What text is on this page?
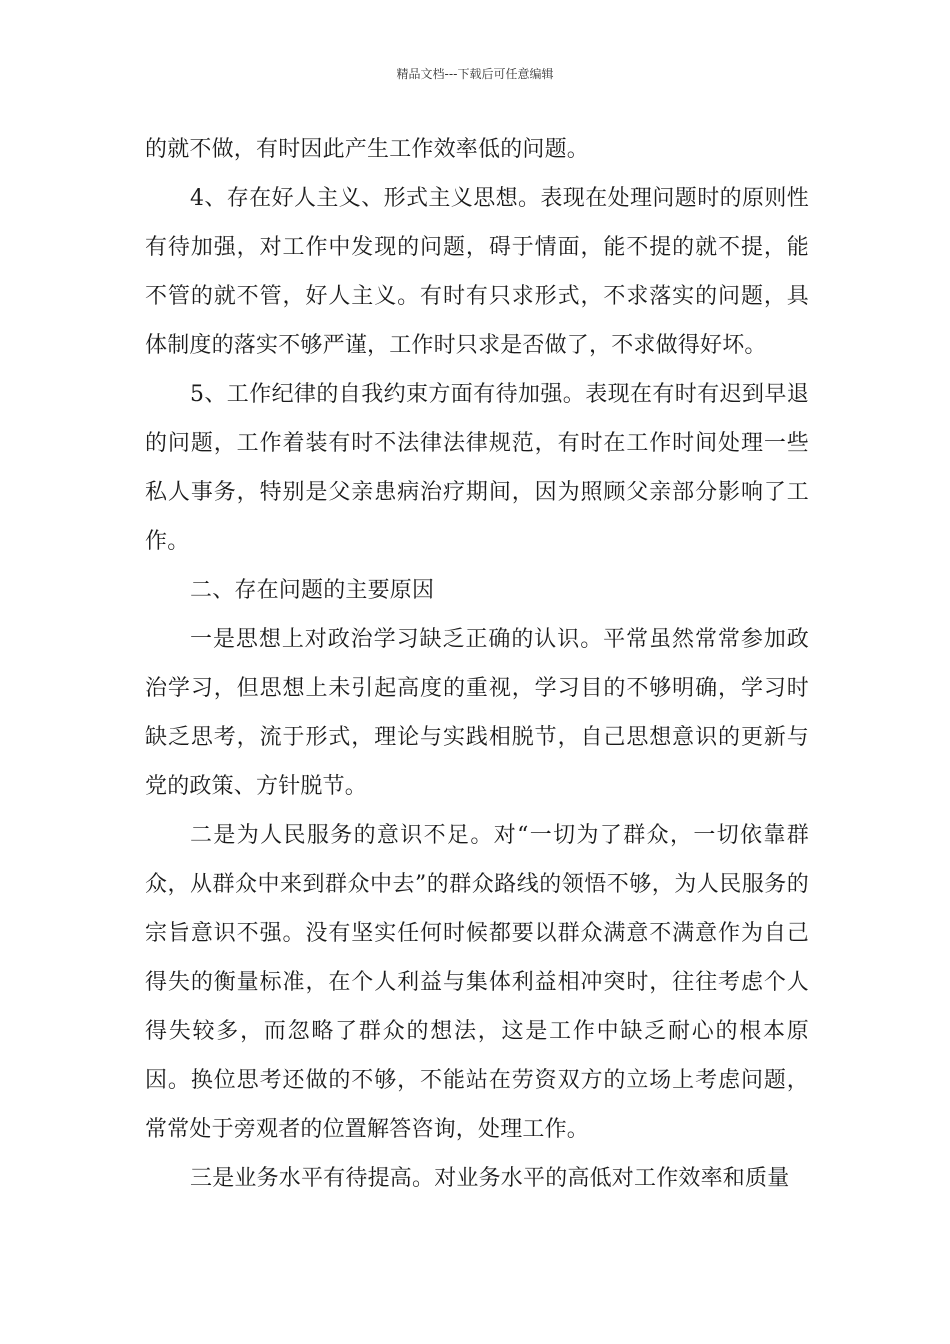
精品文档---下载后可任意编辑

的就不做，有时因此产生工作效率低的问题。

4、存在好人主义、形式主义思想。表现在处理问题时的原则性有待加强，对工作中发现的问题，碍于情面，能不提的就不提，能不管的就不管，好人主义。有时有只求形式，不求落实的问题，具体制度的落实不够严谨，工作时只求是否做了，不求做得好坏。

5、工作纪律的自我约束方面有待加强。表现在有时有迟到早退的问题，工作着装有时不法律法律规范，有时在工作时间处理一些私人事务，特别是父亲患病治疗期间，因为照顾父亲部分影响了工作。

二、存在问题的主要原因

一是思想上对政治学习缺乏正确的认识。平常虽然常常参加政治学习，但思想上未引起高度的重视，学习目的不够明确，学习时缺乏思考，流于形式，理论与实践相脱节，自己思想意识的更新与党的政策、方针脱节。

二是为人民服务的意识不足。对“一切为了群众，一切依靠群众，从群众中来到群众中去”的群众路线的领悟不够，为人民服务的宗旨意识不强。没有坚实任何时候都要以群众满意不满意作为自己得失的衡量标准，在个人利益与集体利益相冲突时，往往考虑个人得失较多，而忽略了群众的想法，这是工作中缺乏耐心的根本原因。换位思考还做的不够，不能站在劳资双方的立场上考虑问题，常常处于旁观者的位置解答咨询，处理工作。

三是业务水平有待提高。对业务水平的高低对工作效率和质量
